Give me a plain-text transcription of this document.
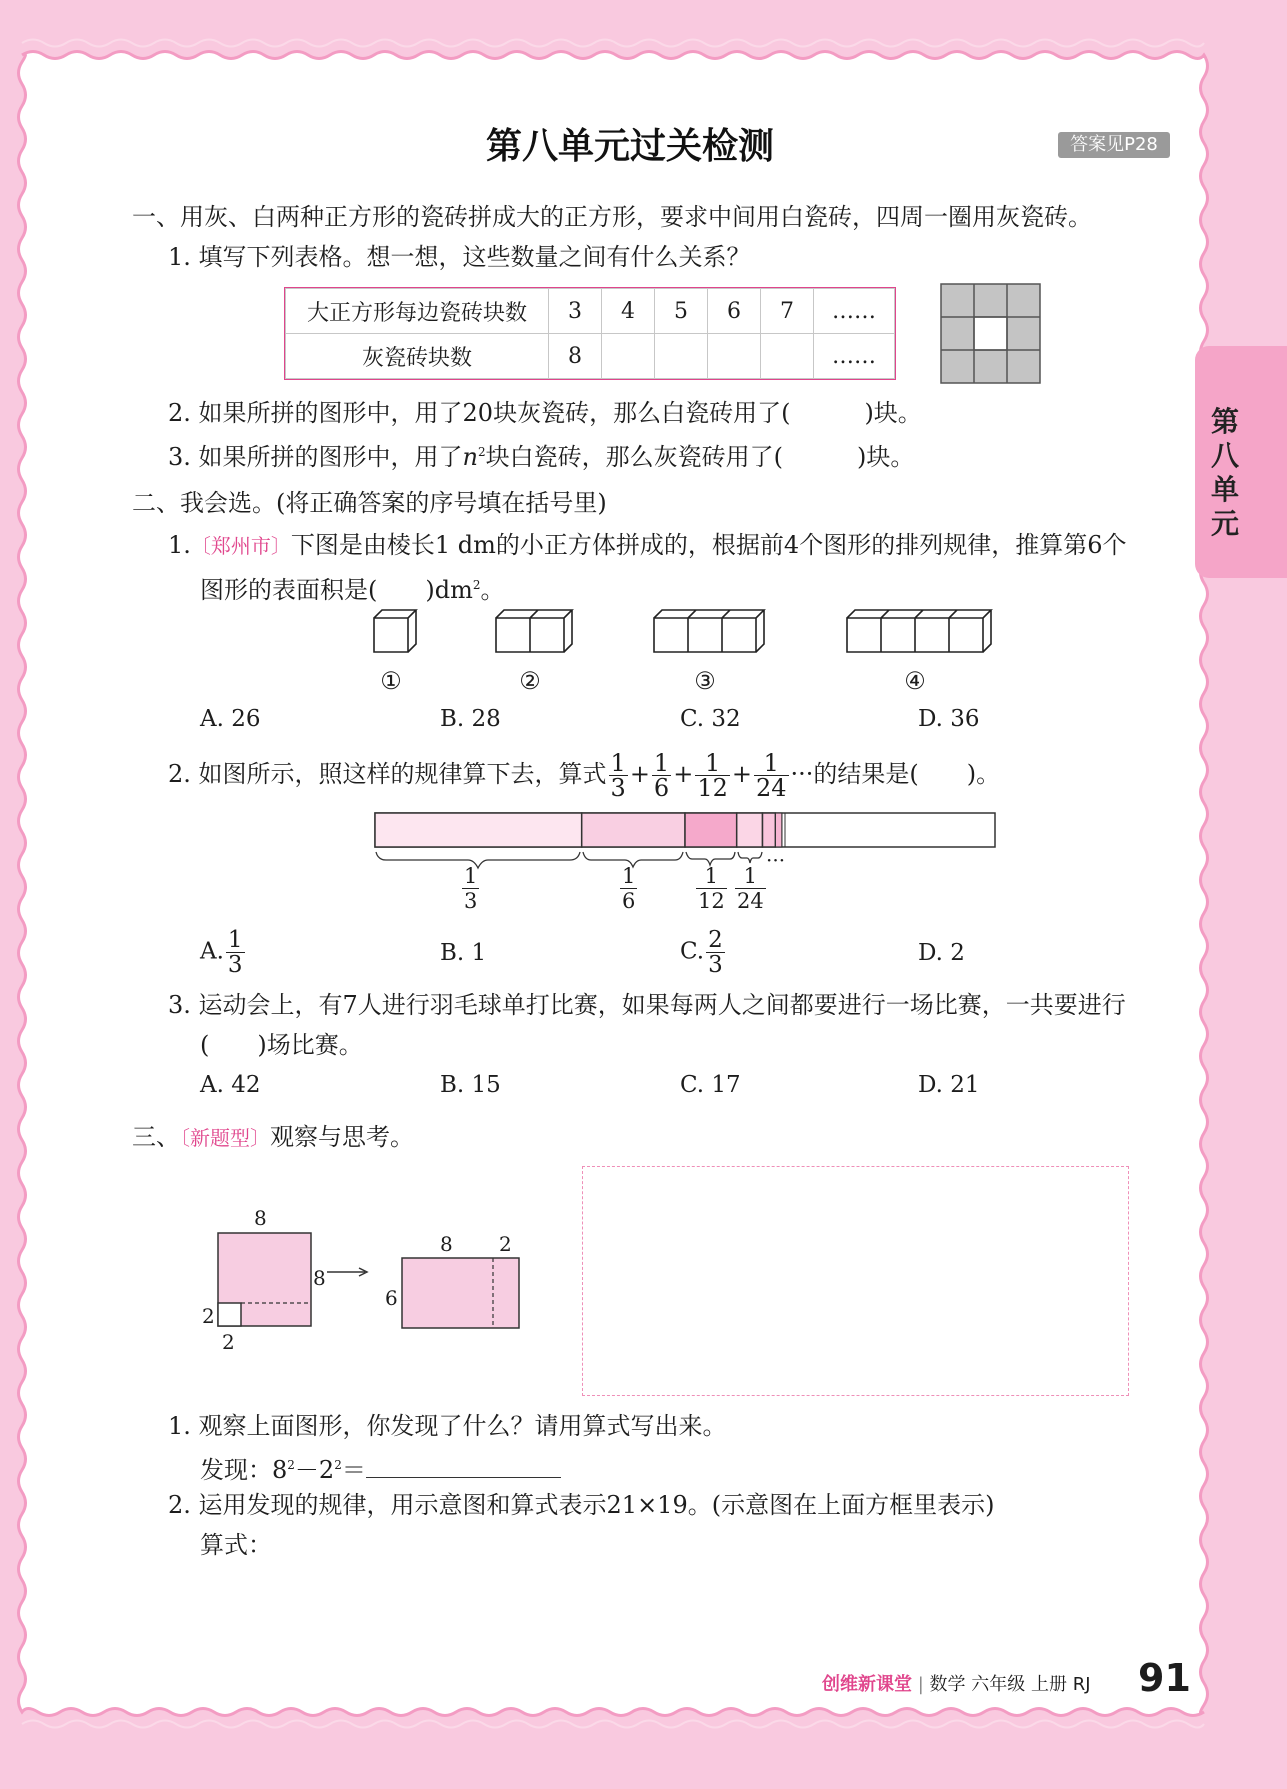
第
八
单
元
第八单元过关检测	答案见P28
一、用灰、白两种正方形的瓷砖拼成大的正方形，要求中间用白瓷砖，四周一圈用灰瓷砖。
1. 填写下列表格。想一想，这些数量之间有什么关系？
大正方形每边瓷砖块数	3	4	5	6	7	……
灰瓷砖块数	8					……
2. 如果所拼的图形中，用了20块灰瓷砖，那么白瓷砖用了(	)块。
3. 如果所拼的图形中，用了$n^2$块白瓷砖，那么灰瓷砖用了(	)块。
二、我会选。(将正确答案的序号填在括号里)
1.〔郑州市〕下图是由棱长1 dm的小正方体拼成的，根据前4个图形的排列规律，推算第6个
图形的表面积是( )$dm^2$。
①	②	③	④
A. 26	B. 28	C. 32	D. 36
2. 如图所示，照这样的规律算下去，算式 $\frac{1}{3} + \frac{1}{6} + \frac{1}{12} + \frac{1}{24}$ ···的结果是( )。
$\frac{1}{3}$	$\frac{1}{6}$	$\frac{1}{12} \frac{1}{24}$
···
A. $\frac{1}{3}$	B. 1	C. $\frac{2}{3}$	D. 2
3. 运动会上，有7人进行羽毛球单打比赛，如果每两人之间都要进行一场比赛，一共要进行
( )场比赛。
A. 42	B. 15	C. 17	D. 21
三、〔新题型〕观察与思考。
8
8
2
2
8 2
6
1. 观察上面图形，你发现了什么？请用算式写出来。
发现：$8^2-2^2=$
2. 运用发现的规律，用示意图和算式表示21×19。(示意图在上面方框里表示)
算式：
创维新课堂 | 数学 六年级 上册 RJ 91
